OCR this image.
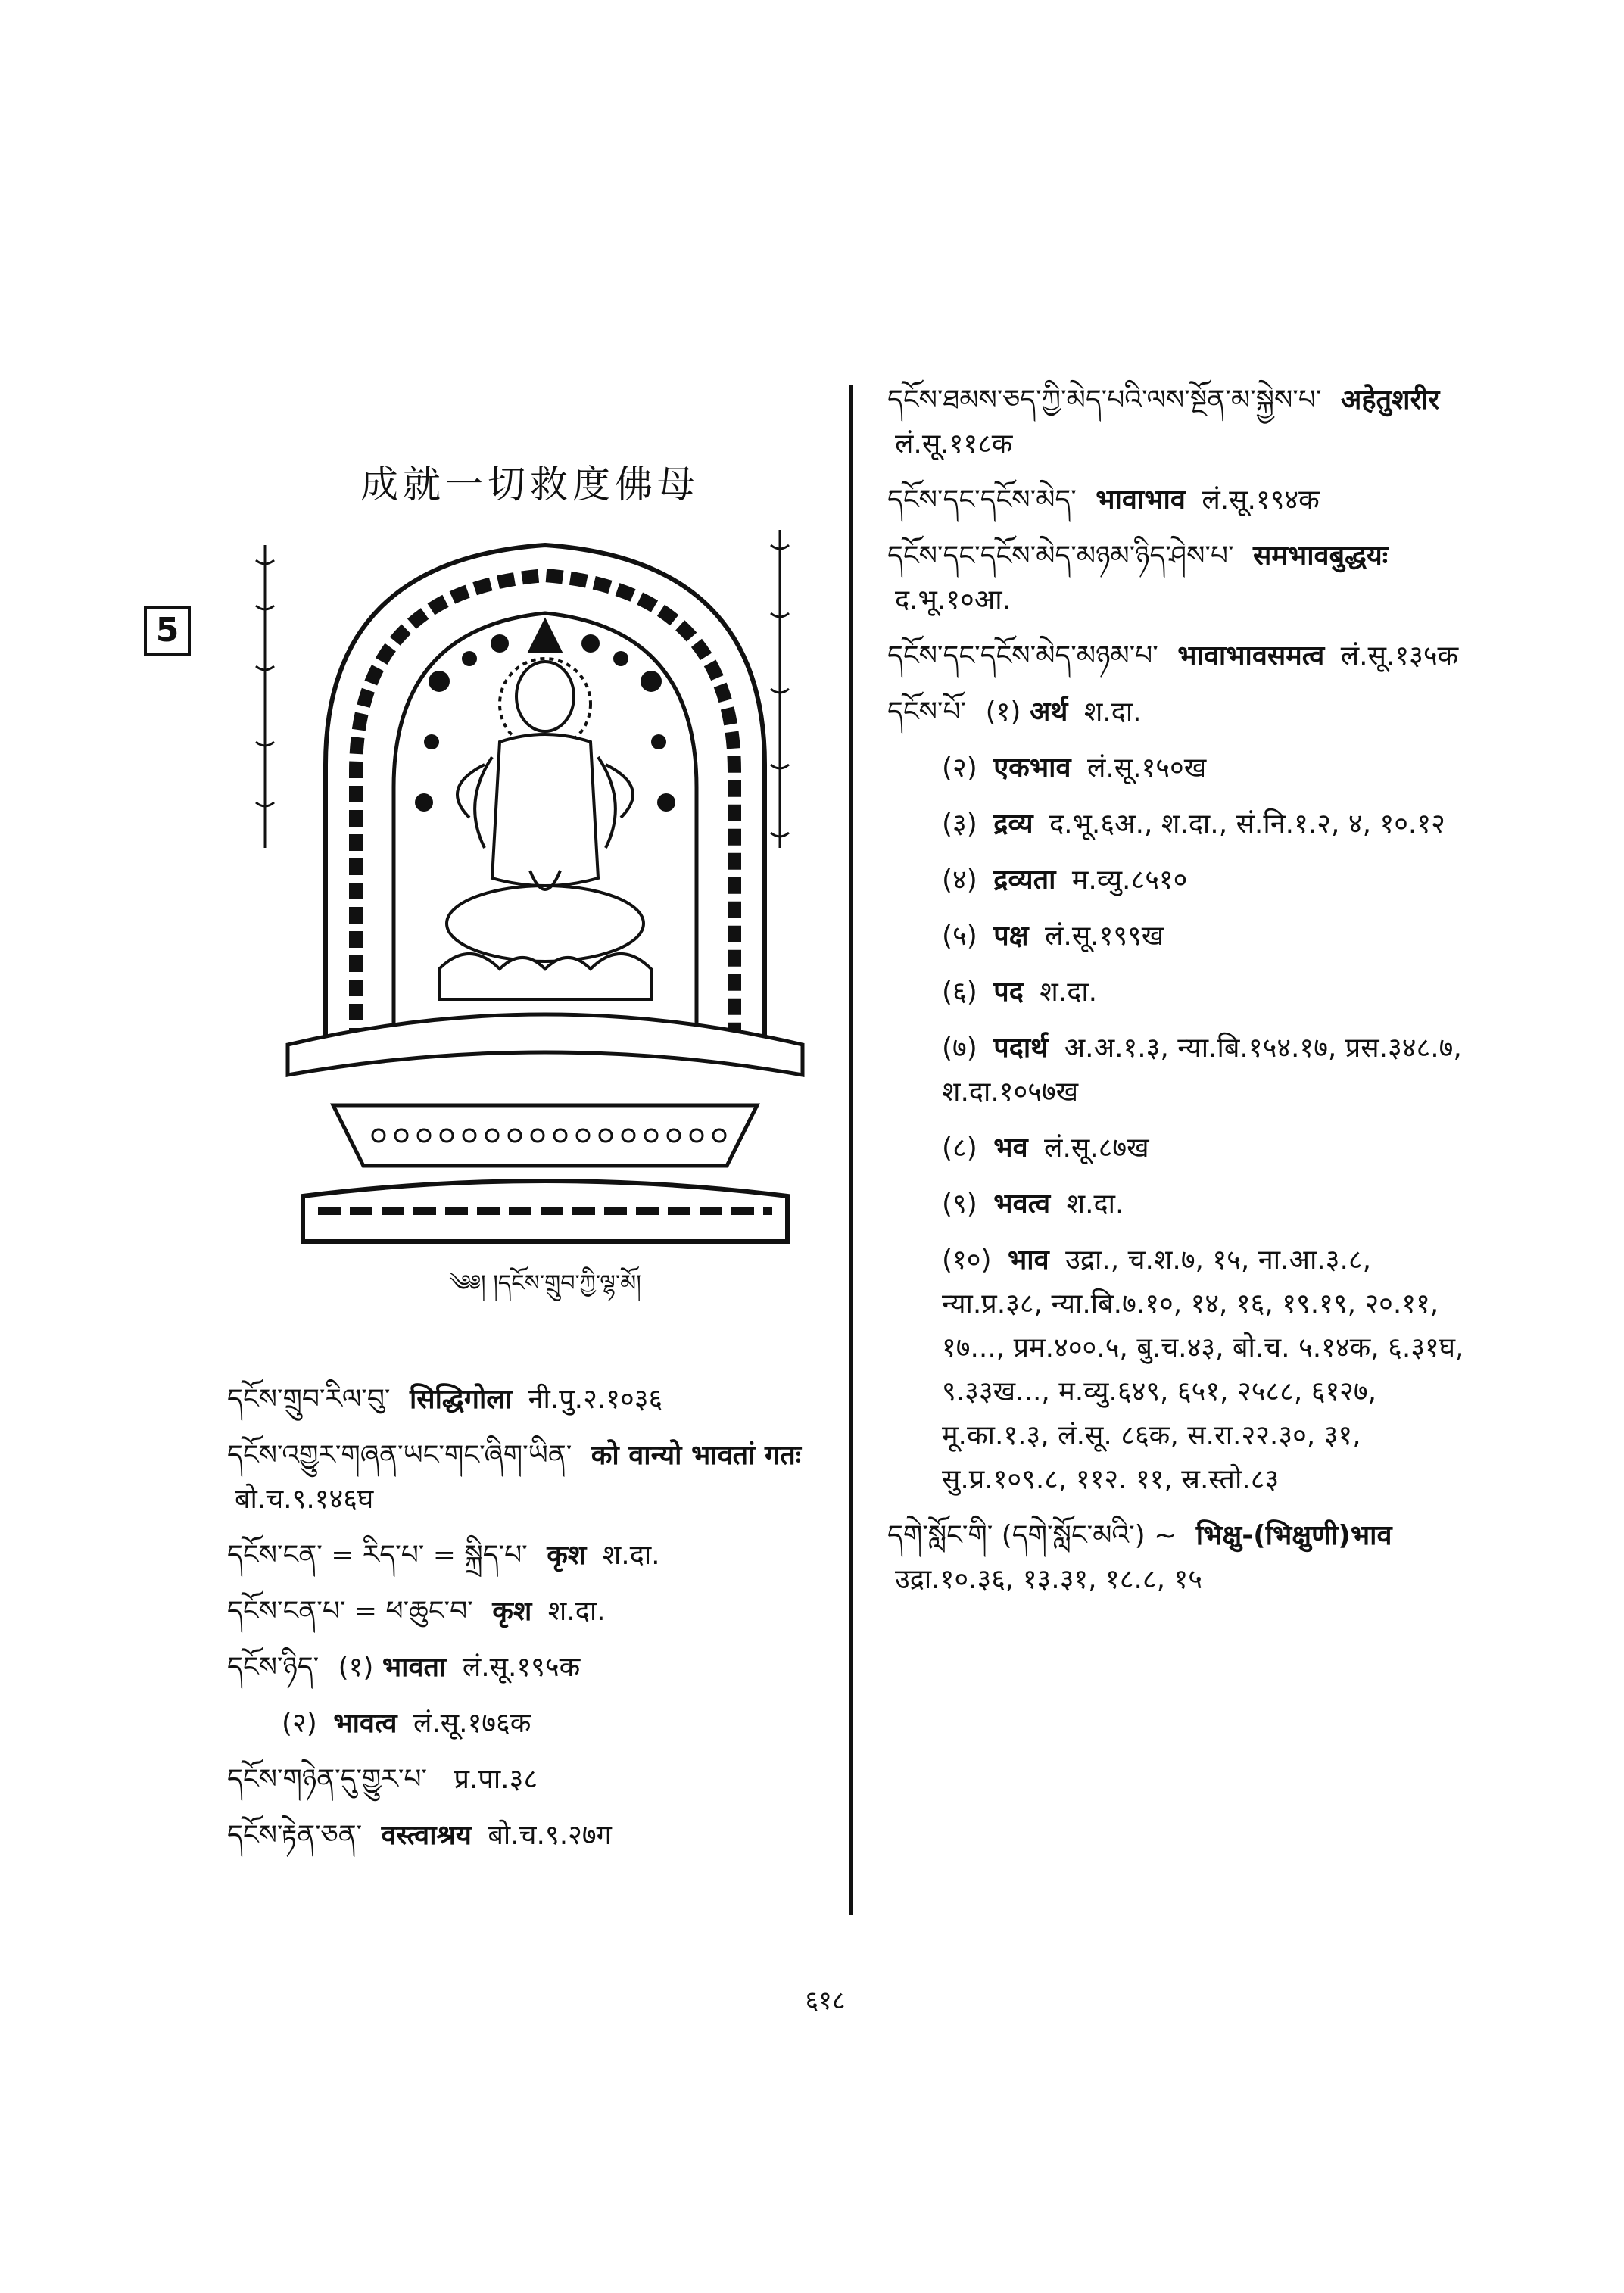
成就一切救度佛母
5
༄༅། །དངོས་གྲུབ་ཀྱི་ལྷ་མོ།
དངོས་གྲུབ་རིལ་བུ་ सिद्धिगोला नी.पु.२.१०३६
དངོས་འགྱུར་གཞན་ཡང་གང་ཞིག་ཡིན་ को वान्यो भावतां गतः बो.च.९.१४६घ
དངོས་ངན་ = རིད་པ་ = སྐྲིད་པ་ कृश श.दा.
དངོས་ངན་པ་ = ཕ་ཆུང་བ་ कृश श.दा.
དངོས་ཉིད་ (१) भावता लं.सू.१९५क
(२) भावत्व लं.सू.१७६क
དངོས་གཉེན་དུ་གྱུར་པ་ प्र.पा.३८
དངོས་རྟེན་ཅན་ वस्त्वाश्रय बो.च.९.२७ग
དངོས་ཐམས་ཅད་ཀྱི་མེད་པའི་ལས་སྔོན་མ་སྐྱེས་པ་ अहेतुशरीर लं.सू.११८क
དངོས་དང་དངོས་མེད་ भावाभाव लं.सू.१९४क
དངོས་དང་དངོས་མེད་མཉམ་ཉིད་ཤེས་པ་ समभावबुद्धयः द.भू.१०आ.
དངོས་དང་དངོས་མེད་མཉམ་པ་ भावाभावसमत्व लं.सू.१३५क
དངོས་པོ་ (१) अर्थ श.दा.
(२) एकभाव लं.सू.१५०ख
(३) द्रव्य द.भू.६अ., श.दा., सं.नि.१.२, ४, १०.१२
(४) द्रव्यता म.व्यु.८५१०
(५) पक्ष लं.सू.१९९ख
(६) पद श.दा.
(७) पदार्थ अ.अ.१.३, न्या.बि.१५४.१७, प्रस.३४८.७, श.दा.१०५७ख
(८) भव लं.सू.८७ख
(९) भवत्व श.दा.
(१०) भाव उद्रा., च.श.७, १५, ना.आ.३.८, न्या.प्र.३८, न्या.बि.७.१०, १४, १६, १९.१९, २०.११, १७..., प्रम.४००.५, बु.च.४३, बो.च. ५.१४क, ६.३१घ, ९.३३ख..., म.व्यु.६४९, ६५१, २५८८, ६१२७, मू.का.१.३, लं.सू. ८६क, स.रा.२२.३०, ३१, सु.प्र.१०९.८, ११२. ११, स्र.स्तो.८३
དགེ་སློང་གི་ (དགེ་སློང་མའི་) ~ भिक्षु-(भिक्षुणी)भाव उद्रा.१०.३६, १३.३१, १८.८, १५
६१८
